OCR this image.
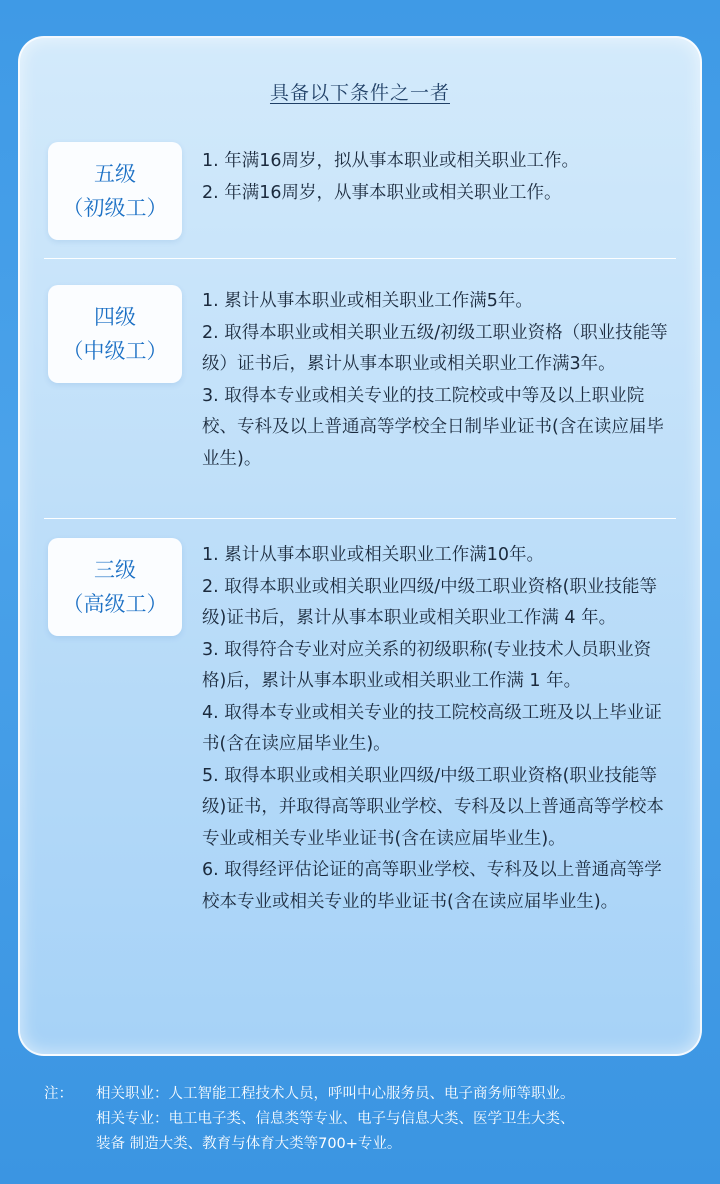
具备以下条件之一者
五级
（初级工）
1. 年满16周岁，拟从事本职业或相关职业工作。
2. 年满16周岁，从事本职业或相关职业工作。
四级
（中级工）
1. 累计从事本职业或相关职业工作满5年。
2. 取得本职业或相关职业五级/初级工职业资格（职业技能等级）证书后，累计从事本职业或相关职业工作满3年。
3. 取得本专业或相关专业的技工院校或中等及以上职业院校、专科及以上普通高等学校全日制毕业证书(含在读应届毕业生)。
三级
（高级工）
1. 累计从事本职业或相关职业工作满10年。
2. 取得本职业或相关职业四级/中级工职业资格(职业技能等级)证书后，累计从事本职业或相关职业工作满 4 年。
3. 取得符合专业对应关系的初级职称(专业技术人员职业资格)后，累计从事本职业或相关职业工作满 1 年。
4. 取得本专业或相关专业的技工院校高级工班及以上毕业证书(含在读应届毕业生)。
5. 取得本职业或相关职业四级/中级工职业资格(职业技能等级)证书，并取得高等职业学校、专科及以上普通高等学校本专业或相关专业毕业证书(含在读应届毕业生)。
6. 取得经评估论证的高等职业学校、专科及以上普通高等学校本专业或相关专业的毕业证书(含在读应届毕业生)。
注： 相关职业：人工智能工程技术人员，呼叫中心服务员、电子商务师等职业。
相关专业：电工电子类、信息类等专业、电子与信息大类、医学卫生大类、
装备 制造大类、教育与体育大类等700+专业。
